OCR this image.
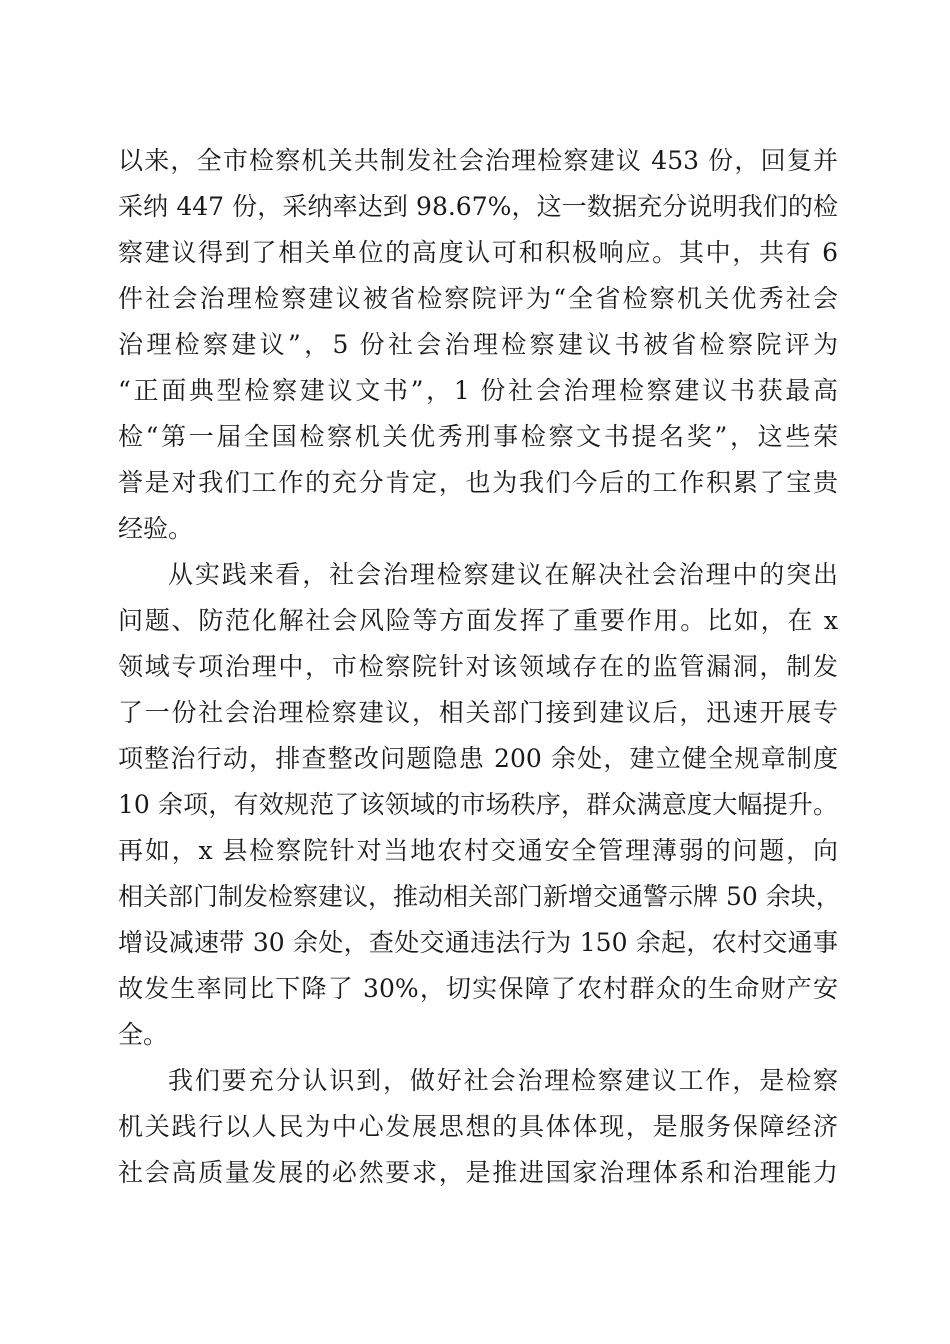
以来，全市检察机关共制发社会治理检察建议 453 份，回复并
采纳 447 份，采纳率达到 98.67%，这一数据充分说明我们的检
察建议得到了相关单位的高度认可和积极响应。其中，共有 6
件社会治理检察建议被省检察院评为“全省检察机关优秀社会
治理检察建议”，5 份社会治理检察建议书被省检察院评为
“正面典型检察建议文书”，1 份社会治理检察建议书获最高
检“第一届全国检察机关优秀刑事检察文书提名奖”，这些荣
誉是对我们工作的充分肯定，也为我们今后的工作积累了宝贵
经验。
从实践来看，社会治理检察建议在解决社会治理中的突出
问题、防范化解社会风险等方面发挥了重要作用。比如，在 x
领域专项治理中，市检察院针对该领域存在的监管漏洞，制发
了一份社会治理检察建议，相关部门接到建议后，迅速开展专
项整治行动，排查整改问题隐患 200 余处，建立健全规章制度
10 余项，有效规范了该领域的市场秩序，群众满意度大幅提升。
再如，x 县检察院针对当地农村交通安全管理薄弱的问题，向
相关部门制发检察建议，推动相关部门新增交通警示牌 50 余块，
增设减速带 30 余处，查处交通违法行为 150 余起，农村交通事
故发生率同比下降了 30%，切实保障了农村群众的生命财产安
全。
我们要充分认识到，做好社会治理检察建议工作，是检察
机关践行以人民为中心发展思想的具体体现，是服务保障经济
社会高质量发展的必然要求，是推进国家治理体系和治理能力
